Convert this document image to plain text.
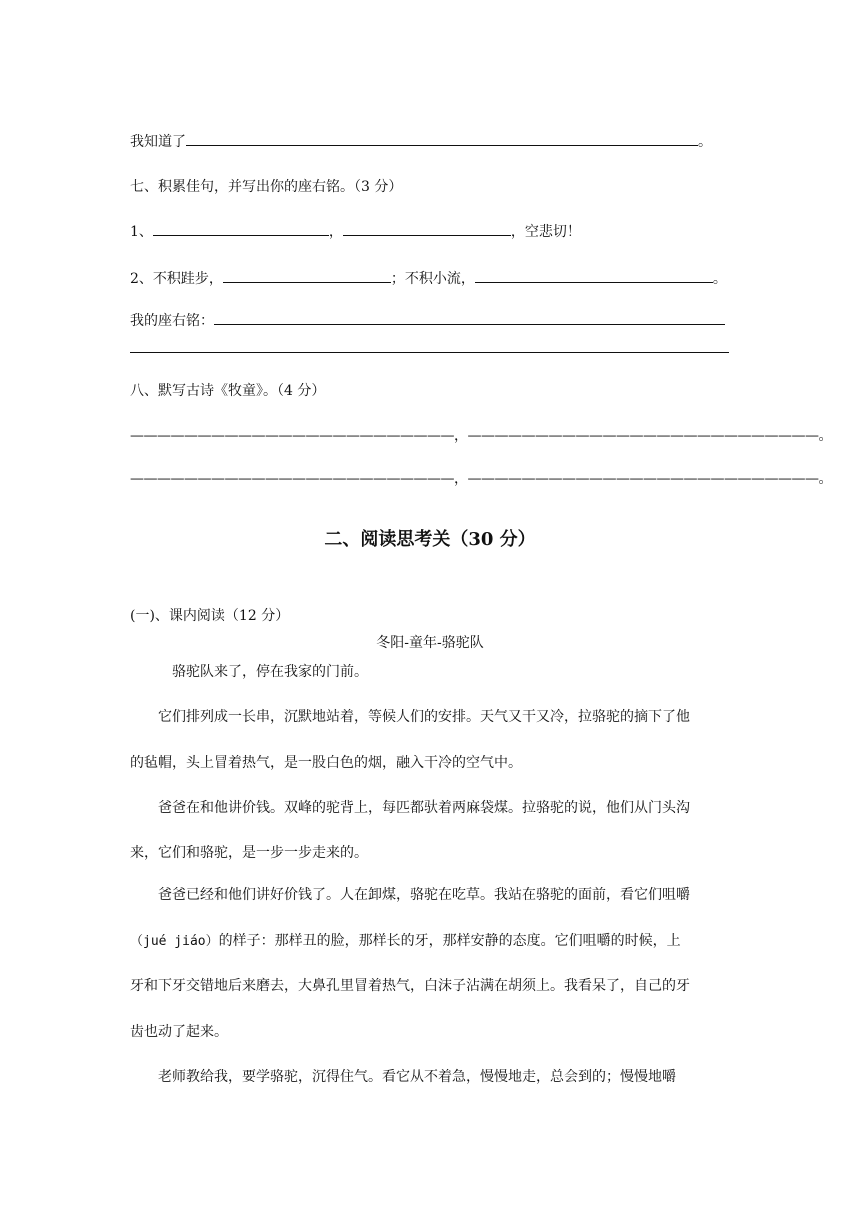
我知道了	。
七、积累佳句，并写出你的座右铭。（3 分）
1、	，	，空悲切！
2、不积跬步，	；不积小流，	。
我的座右铭：
八、默写古诗《牧童》。（4 分）
————————————————————————，——————————————————————————。
————————————————————————，——————————————————————————。
二、阅读思考关（30 分）
(一)、课内阅读（12 分）
冬阳-童年-骆驼队
骆驼队来了，停在我家的门前。
它们排列成一长串，沉默地站着，等候人们的安排。天气又干又冷，拉骆驼的摘下了他
的毡帽，头上冒着热气，是一股白色的烟，融入干冷的空气中。
爸爸在和他讲价钱。双峰的驼背上，每匹都驮着两麻袋煤。拉骆驼的说，他们从门头沟
来，它们和骆驼，是一步一步走来的。
爸爸已经和他们讲好价钱了。人在卸煤，骆驼在吃草。我站在骆驼的面前，看它们咀嚼
（jué jiáo）的样子：那样丑的脸，那样长的牙，那样安静的态度。它们咀嚼的时候，上
牙和下牙交错地后来磨去，大鼻孔里冒着热气，白沫子沾满在胡须上。我看呆了，自己的牙
齿也动了起来。
老师教给我，要学骆驼，沉得住气。看它从不着急，慢慢地走，总会到的；慢慢地嚼
